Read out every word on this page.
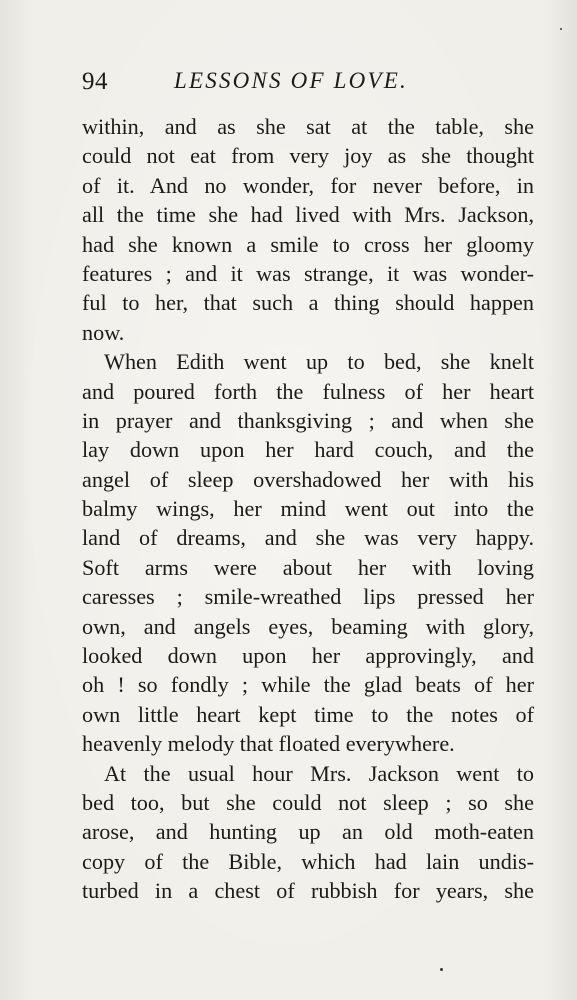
94	LESSONS OF LOVE.
within, and as she sat at the table, she
could not eat from very joy as she thought
of it. And no wonder, for never before, in
all the time she had lived with Mrs. Jackson,
had she known a smile to cross her gloomy
features ; and it was strange, it was wonder-
ful to her, that such a thing should happen
now.
When Edith went up to bed, she knelt
and poured forth the fulness of her heart
in prayer and thanksgiving ; and when she
lay down upon her hard couch, and the
angel of sleep overshadowed her with his
balmy wings, her mind went out into the
land of dreams, and she was very happy.
Soft arms were about her with loving
caresses ; smile-wreathed lips pressed her
own, and angels eyes, beaming with glory,
looked down upon her approvingly, and
oh ! so fondly ; while the glad beats of her
own little heart kept time to the notes of
heavenly melody that floated everywhere.
At the usual hour Mrs. Jackson went to
bed too, but she could not sleep ; so she
arose, and hunting up an old moth-eaten
copy of the Bible, which had lain undis-
turbed in a chest of rubbish for years, she
